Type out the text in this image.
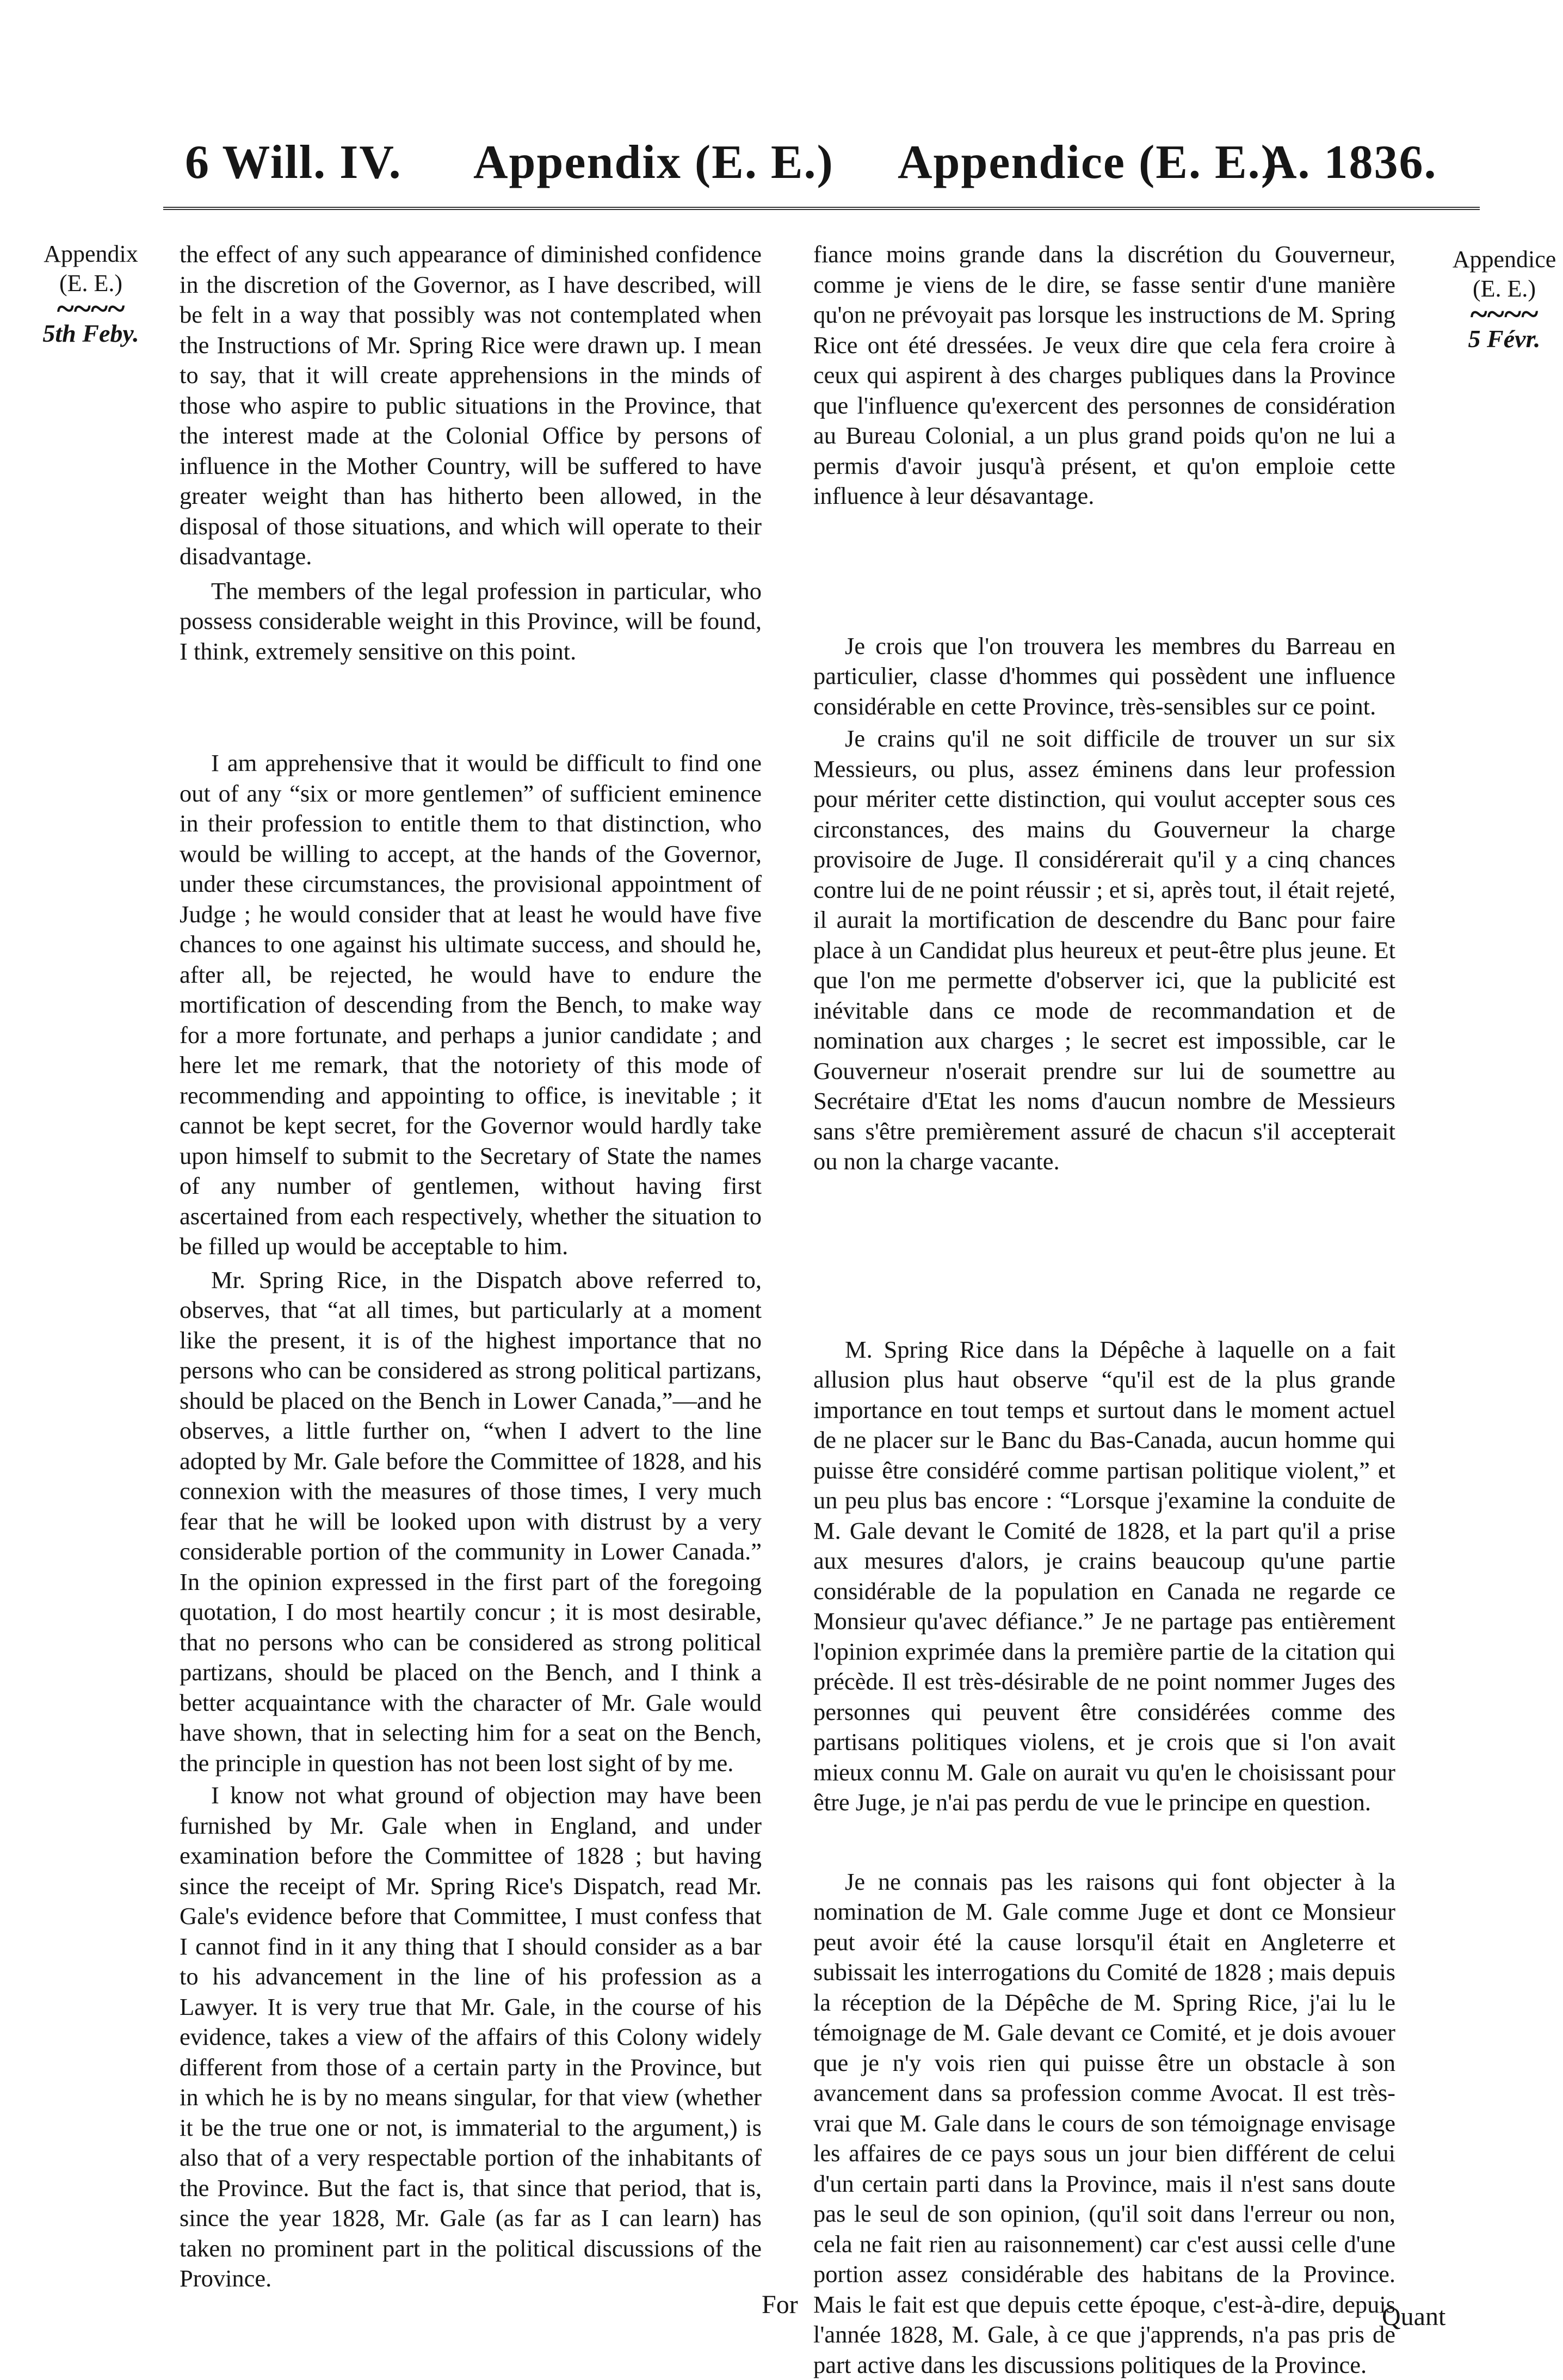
6 Will. IV. Appendix (E. E.) Appendice (E. E.)
A. 1836.
Appendix
(E. E.)
~~~~
5th Feby.
Appendice
(E. E.)
~~~~
5 Févr.

the effect of any such appearance of diminished confidence in the discretion of the Governor, as I have described, will be felt in a way that possibly was not contemplated when the Instructions of Mr. Spring Rice were drawn up. I mean to say, that it will create apprehensions in the minds of those who aspire to public situations in the Province, that the interest made at the Colonial Office by persons of influence in the Mother Country, will be suffered to have greater weight than has hitherto been allowed, in the disposal of those situations, and which will operate to their disadvantage.

The members of the legal profession in particular, who possess considerable weight in this Province, will be found, I think, extremely sensitive on this point.

I am apprehensive that it would be difficult to find one out of any “six or more gentlemen” of sufficient eminence in their profession to entitle them to that distinction, who would be willing to accept, at the hands of the Governor, under these circumstances, the provisional appointment of Judge ; he would consider that at least he would have five chances to one against his ultimate success, and should he, after all, be rejected, he would have to endure the mortification of descending from the Bench, to make way for a more fortunate, and perhaps a junior candidate ; and here let me remark, that the notoriety of this mode of recommending and appointing to office, is inevitable ; it cannot be kept secret, for the Governor would hardly take upon himself to submit to the Secretary of State the names of any number of gentlemen, without having first ascertained from each respectively, whether the situation to be filled up would be acceptable to him.

Mr. Spring Rice, in the Dispatch above referred to, observes, that “at all times, but particularly at a moment like the present, it is of the highest importance that no persons who can be considered as strong political partizans, should be placed on the Bench in Lower Canada,”—and he observes, a little further on, “when I advert to the line adopted by Mr. Gale before the Committee of 1828, and his connexion with the measures of those times, I very much fear that he will be looked upon with distrust by a very considerable portion of the community in Lower Canada.” In the opinion expressed in the first part of the foregoing quotation, I do most heartily concur ; it is most desirable, that no persons who can be considered as strong political partizans, should be placed on the Bench, and I think a better acquaintance with the character of Mr. Gale would have shown, that in selecting him for a seat on the Bench, the principle in question has not been lost sight of by me.

I know not what ground of objection may have been furnished by Mr. Gale when in England, and under examination before the Committee of 1828 ; but having since the receipt of Mr. Spring Rice's Dispatch, read Mr. Gale's evidence before that Committee, I must confess that I cannot find in it any thing that I should consider as a bar to his advancement in the line of his profession as a Lawyer. It is very true that Mr. Gale, in the course of his evidence, takes a view of the affairs of this Colony widely different from those of a certain party in the Province, but in which he is by no means singular, for that view (whether it be the true one or not, is immaterial to the argument,) is also that of a very respectable portion of the inhabitants of the Province. But the fact is, that since that period, that is, since the year 1828, Mr. Gale (as far as I can learn) has taken no prominent part in the political discussions of the Province.

fiance moins grande dans la discrétion du Gouverneur, comme je viens de le dire, se fasse sentir d'une manière qu'on ne prévoyait pas lorsque les instructions de M. Spring Rice ont été dressées. Je veux dire que cela fera croire à ceux qui aspirent à des charges publiques dans la Province que l'influence qu'exercent des personnes de considération au Bureau Colonial, a un plus grand poids qu'on ne lui a permis d'avoir jusqu'à présent, et qu'on emploie cette influence à leur désavantage.

Je crois que l'on trouvera les membres du Barreau en particulier, classe d'hommes qui possèdent une influence considérable en cette Province, très-sensibles sur ce point.

Je crains qu'il ne soit difficile de trouver un sur six Messieurs, ou plus, assez éminens dans leur profession pour mériter cette distinction, qui voulut accepter sous ces circonstances, des mains du Gouverneur la charge provisoire de Juge. Il considérerait qu'il y a cinq chances contre lui de ne point réussir ; et si, après tout, il était rejeté, il aurait la mortification de descendre du Banc pour faire place à un Candidat plus heureux et peut-être plus jeune. Et que l'on me permette d'observer ici, que la publicité est inévitable dans ce mode de recommandation et de nomination aux charges ; le secret est impossible, car le Gouverneur n'oserait prendre sur lui de soumettre au Secrétaire d'Etat les noms d'aucun nombre de Messieurs sans s'être premièrement assuré de chacun s'il accepterait ou non la charge vacante.

M. Spring Rice dans la Dépêche à laquelle on a fait allusion plus haut observe “qu'il est de la plus grande importance en tout temps et surtout dans le moment actuel de ne placer sur le Banc du Bas-Canada, aucun homme qui puisse être considéré comme partisan politique violent,” et un peu plus bas encore : “Lorsque j'examine la conduite de M. Gale devant le Comité de 1828, et la part qu'il a prise aux mesures d'alors, je crains beaucoup qu'une partie considérable de la population en Canada ne regarde ce Monsieur qu'avec défiance.” Je ne partage pas entièrement l'opinion exprimée dans la première partie de la citation qui précède. Il est très-désirable de ne point nommer Juges des personnes qui peuvent être considérées comme des partisans politiques violens, et je crois que si l'on avait mieux connu M. Gale on aurait vu qu'en le choisissant pour être Juge, je n'ai pas perdu de vue le principe en question.

Je ne connais pas les raisons qui font objecter à la nomination de M. Gale comme Juge et dont ce Monsieur peut avoir été la cause lorsqu'il était en Angleterre et subissait les interrogations du Comité de 1828 ; mais depuis la réception de la Dépêche de M. Spring Rice, j'ai lu le témoignage de M. Gale devant ce Comité, et je dois avouer que je n'y vois rien qui puisse être un obstacle à son avancement dans sa profession comme Avocat. Il est très-vrai que M. Gale dans le cours de son témoignage envisage les affaires de ce pays sous un jour bien différent de celui d'un certain parti dans la Province, mais il n'est sans doute pas le seul de son opinion, (qu'il soit dans l'erreur ou non, cela ne fait rien au raisonnement) car c'est aussi celle d'une portion assez considérable des habitans de la Province. Mais le fait est que depuis cette époque, c'est-à-dire, depuis l'année 1828, M. Gale, à ce que j'apprends, n'a pas pris de part active dans les discussions politiques de la Province.

For	Quant
